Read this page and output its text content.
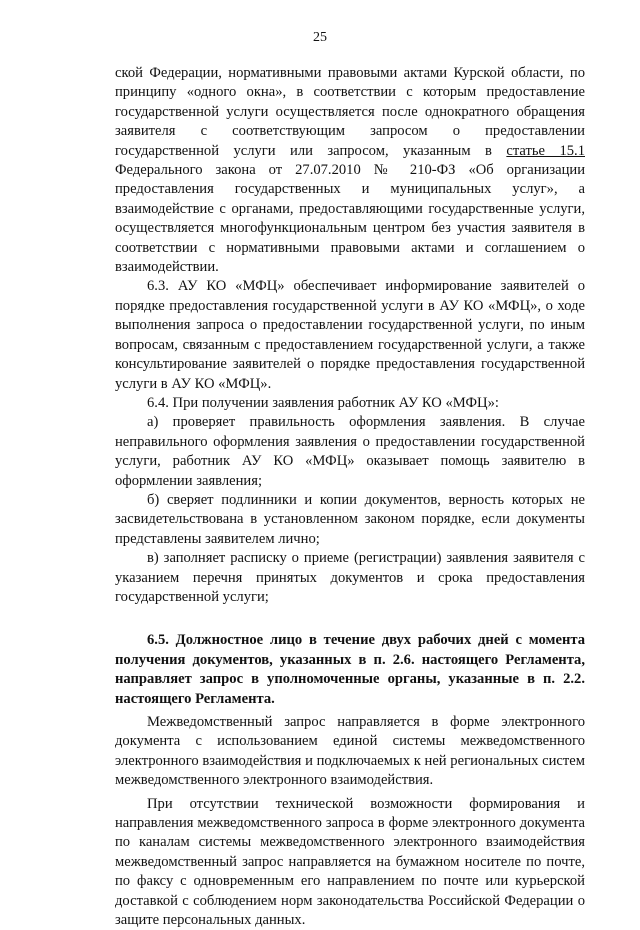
25

ской Федерации, нормативными правовыми актами Курской области, по принципу «одного окна», в соответствии с которым предоставление государственной услуги осуществляется после однократного обращения заявителя с соответствующим запросом о предоставлении государственной услуги или запросом, указанным в статье 15.1 Федерального закона от 27.07.2010 № 210-ФЗ «Об организации предоставления государственных и муниципальных услуг», а взаимодействие с органами, предоставляющими государственные услуги, осуществляется многофункциональным центром без участия заявителя в соответствии с нормативными правовыми актами и соглашением о взаимодействии.

6.3. АУ КО «МФЦ» обеспечивает информирование заявителей о порядке предоставления государственной услуги в АУ КО «МФЦ», о ходе выполнения запроса о предоставлении государственной услуги, по иным вопросам, связанным с предоставлением государственной услуги, а также консультирование заявителей о порядке предоставления государственной услуги в АУ КО «МФЦ».

6.4. При получении заявления работник АУ КО «МФЦ»:

а) проверяет правильность оформления заявления. В случае неправильного оформления заявления о предоставлении государственной услуги, работник АУ КО «МФЦ» оказывает помощь заявителю в оформлении заявления;

б) сверяет подлинники и копии документов, верность которых не засвидетельствована в установленном законом порядке, если документы представлены заявителем лично;

в) заполняет расписку о приеме (регистрации) заявления заявителя с указанием перечня принятых документов и срока предоставления государственной услуги;

6.5. Должностное лицо в течение двух рабочих дней с момента получения документов, указанных в п. 2.6. настоящего Регламента, направляет запрос в уполномоченные органы, указанные в п. 2.2. настоящего Регламента.

Межведомственный запрос направляется в форме электронного документа с использованием единой системы межведомственного электронного взаимодействия и подключаемых к ней региональных систем межведомственного электронного взаимодействия.

При отсутствии технической возможности формирования и направления межведомственного запроса в форме электронного документа по каналам системы межведомственного электронного взаимодействия межведомственный запрос направляется на бумажном носителе по почте, по факсу с одновременным его направлением по почте или курьерской доставкой с соблюдением норм законодательства Российской Федерации о защите персональных данных.
